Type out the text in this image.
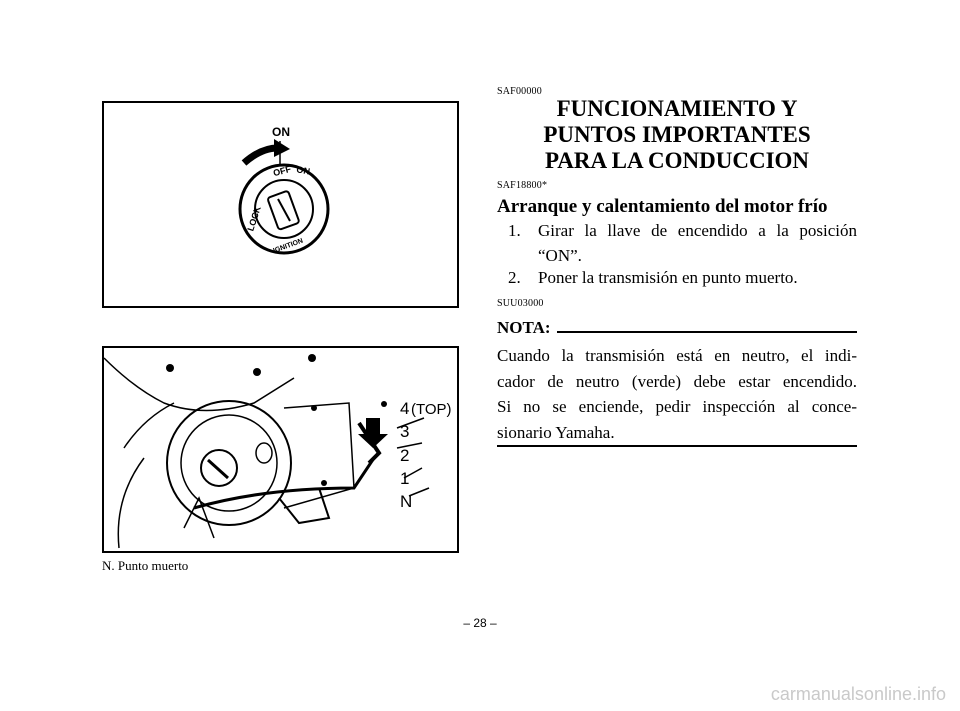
ON
OFF ON
LOCK
IGNITION
4 (TOP)
3
2
1
N
N. Punto muerto
SAF00000
FUNCIONAMIENTO Y
PUNTOS IMPORTANTES
PARA LA CONDUCCION
SAF18800*
Arranque y calentamiento del motor frío
1. Girar la llave de encendido a la posición “ON”.
2. Poner la transmisión en punto muerto.
SUU03000
NOTA:
Cuando la transmisión está en neutro, el indi-
cador de neutro (verde) debe estar encendido.
Si no se enciende, pedir inspección al conce-
sionario Yamaha.
– 28 –
carmanualsonline.info
